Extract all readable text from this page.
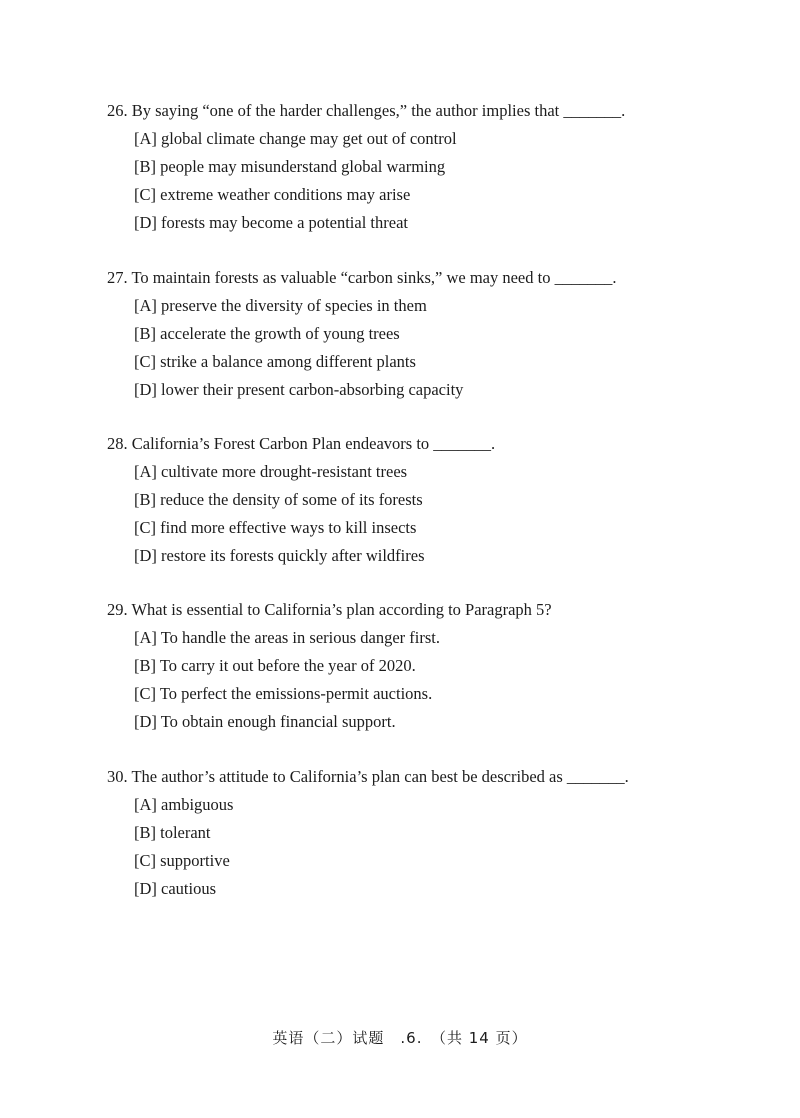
26. By saying “one of the harder challenges,” the author implies that _______.
[A] global climate change may get out of control
[B] people may misunderstand global warming
[C] extreme weather conditions may arise
[D] forests may become a potential threat
27. To maintain forests as valuable “carbon sinks,” we may need to _______.
[A] preserve the diversity of species in them
[B] accelerate the growth of young trees
[C] strike a balance among different plants
[D] lower their present carbon-absorbing capacity
28. California’s Forest Carbon Plan endeavors to _______.
[A] cultivate more drought-resistant trees
[B] reduce the density of some of its forests
[C] find more effective ways to kill insects
[D] restore its forests quickly after wildfires
29. What is essential to California’s plan according to Paragraph 5?
[A] To handle the areas in serious danger first.
[B] To carry it out before the year of 2020.
[C] To perfect the emissions-permit auctions.
[D] To obtain enough financial support.
30. The author’s attitude to California’s plan can best be described as _______.
[A] ambiguous
[B] tolerant
[C] supportive
[D] cautious
英语（二）试题　.6.　（共 14 页）
